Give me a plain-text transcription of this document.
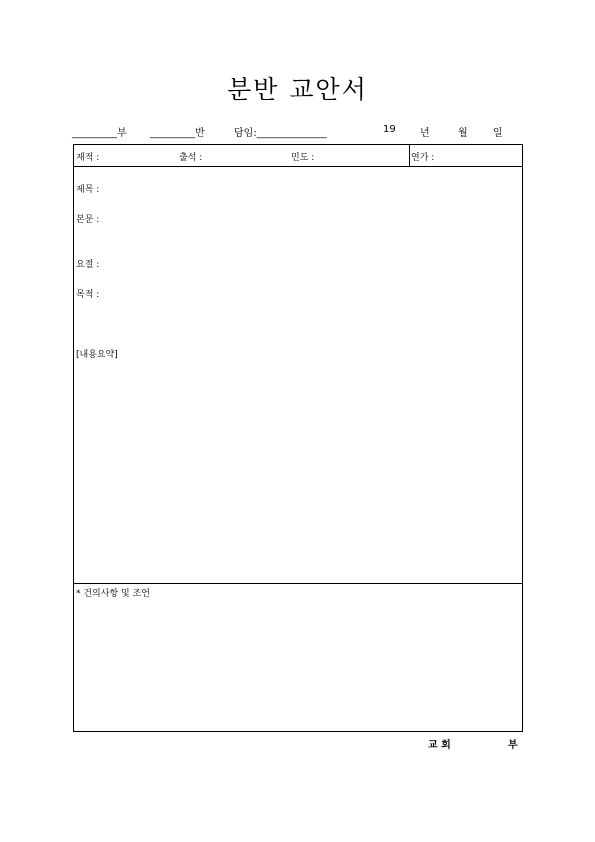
분반 교안서
_________부 _________반	담임:______________	19 년	월	일
재적 :	출석 :	민도 :	연가 :
제목 :
본문 :
요절 :
목적 :
[내용요약]
* 건의사항 및 조언
교 회	부
